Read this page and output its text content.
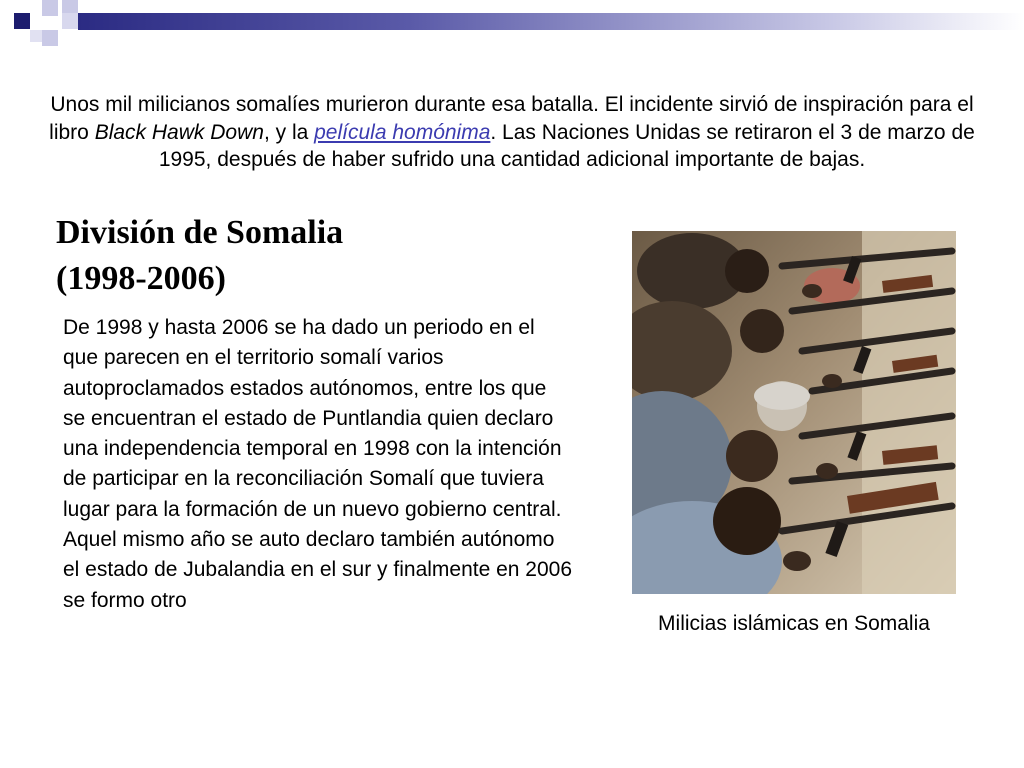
Unos mil milicianos somalíes murieron durante esa batalla. El incidente sirvió de inspiración para el libro Black Hawk Down, y la película homónima. Las Naciones Unidas se retiraron el 3 de marzo de 1995, después de haber sufrido una cantidad adicional importante de bajas.
División de Somalia
(1998-2006)

De 1998 y hasta 2006 se ha dado un periodo en el que parecen en el territorio somalí varios autoproclamados estados autónomos, entre los que se encuentran el estado de Puntlandia quien declaro una independencia temporal en 1998 con la intención de participar en la reconciliación Somalí que tuviera lugar para la formación de un nuevo gobierno central.

Aquel mismo año se auto declaro también autónomo el estado de Jubalandia en el sur y finalmente en 2006 se formo otro

Milicias islámicas en Somalia
